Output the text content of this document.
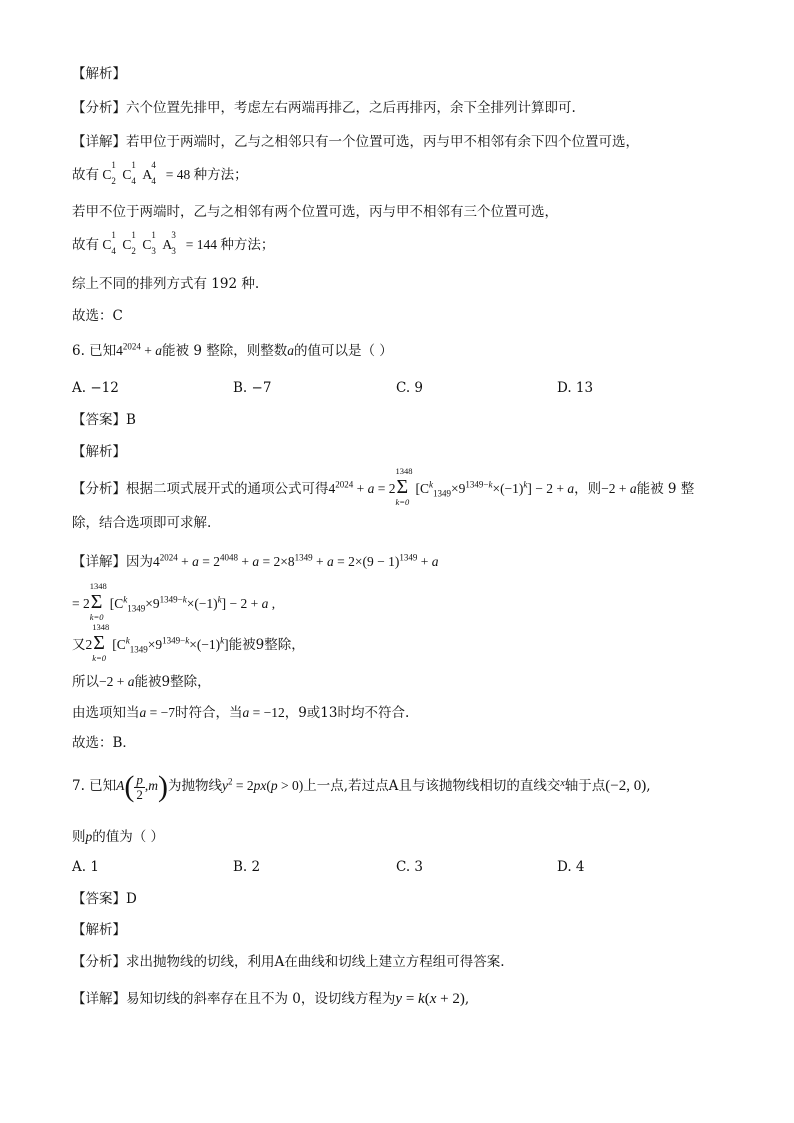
【解析】
【分析】六个位置先排甲，考虑左右两端再排乙，之后再排丙，余下全排列计算即可.
【详解】若甲位于两端时，乙与之相邻只有一个位置可选，丙与甲不相邻有余下四个位置可选，
故有 C
1
2 C
1
4 A
4
4 = 48 种方法；
若甲不位于两端时，乙与之相邻有两个位置可选，丙与甲不相邻有三个位置可选，
故有 C
1
4 C
1
2 C
1
3 A
3
3 = 144 种方法；
综上不同的排列方式有 192 种.
故选：C
6. 已知$4^{2024} + a$能被 9 整除，则整数a的值可以是（ ）
A. −12	B. −7	C. 9	D. 13
【答案】B
【解析】
【分析】根据二项式展开式的通项公式可得$4^{2024} + a = 2$
1348
Σ
k=0
$[C^k_{1349}\times 9^{1349-k}\times(-1)^k] - 2 + a$，则−2 + a能被 9 整
除，结合选项即可求解.
【详解】因为$4^{2024} + a = 2^{4048} + a = 2\times 8^{1349} + a = 2\times(9 - 1)^{1349} + a$
= 2
1348
Σ
k=0
$[C^k_{1349}\times 9^{1349-k}\times(-1)^k] - 2 + a$ ,
又2
1348
Σ
k=0
$[C^k_{1349}\times 9^{1349-k}\times(-1)^k]$能被9整除，
所以−2 + a能被9整除，
由选项知当a = −7时符合，当a = −12，9或13时均不符合.
故选：B．
7. 已知$A( \frac{p}{2} ,m)$为抛物线$y^2 = 2px(p > 0)$上一点,若过点A且与该抛物线相切的直线交$^x$轴于点(−2, 0),
则p的值为（ ）
A. 1	B. 2	C. 3	D. 4
【答案】D
【解析】
【分析】求出抛物线的切线，利用A在曲线和切线上建立方程组可得答案.
【详解】易知切线的斜率存在且不为 0，设切线方程为y = k(x + 2),
